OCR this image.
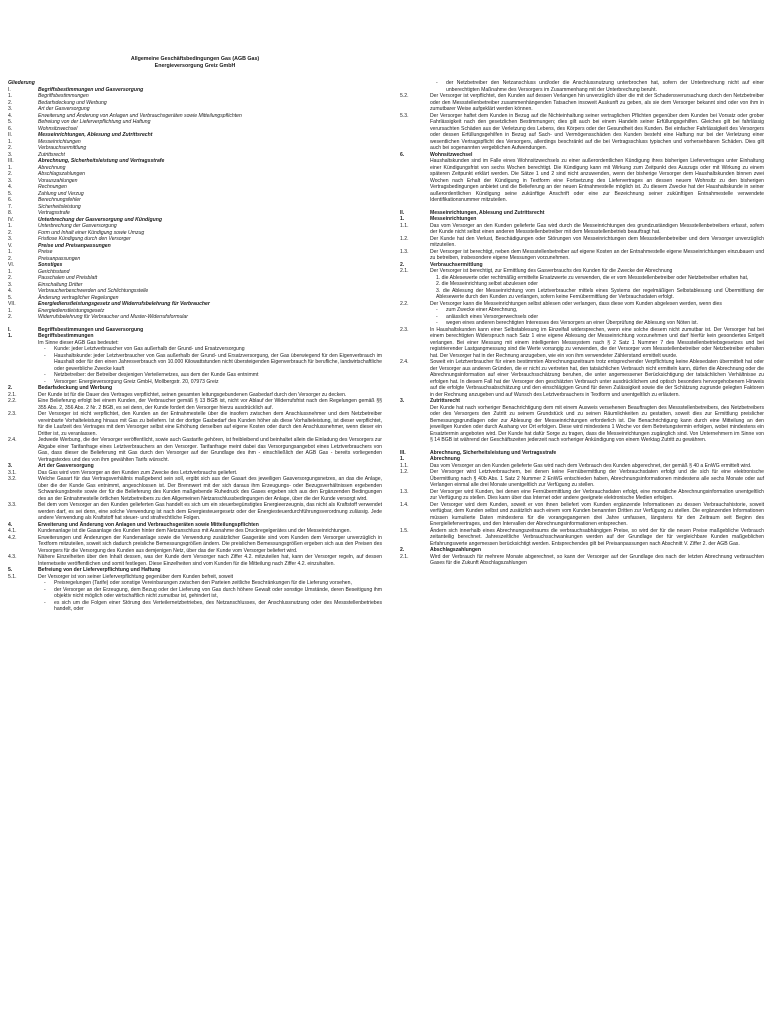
Allgemeine Geschäftsbedingungen Gas (AGB Gas)
Energieversorgung Greiz GmbH
Gliederung
I.	Begriffsbestimmungen und Gasversorgung
1.	Begriffsbestimmungen
2.	Bedarfsdeckung und Werbung
3.	Art der Gasversorgung
4.	Erweiterung und Änderung von Anlagen und Verbrauchsgeräten sowie Mitteilungspflichten
5.	Befreiung von der Lieferverpflichtung und Haftung
6.	Wohnsitzwechsel
II.	Messeinrichtungen, Ablesung und Zutrittsrecht
1.	Messeinrichtungen
2.	Verbrauchsermittlung
3.	Zutrittsrecht
III.	Abrechnung, Sicherheitsleistung und Vertragsstrafe
1.	Abrechnung
2.	Abschlagszahlungen
3.	Vorauszahlungen
4.	Rechnungen
5.	Zahlung und Verzug
6.	Berechnungsfehler
7.	Sicherheitsleistung
8.	Vertragsstrafe
IV.	Unterbrechung der Gasversorgung und Kündigung
1.	Unterbrechung der Gasversorgung
2.	Form und Inhalt einer Kündigung sowie Umzug
3.	Fristlose Kündigung durch den Versorger
V.	Preise und Preisanpassungen
1.	Preise
2.	Preisanpassungen
VI.	Sonstiges
1.	Gerichtsstand
2.	Pauschalen und Preisblatt
3.	Einschaltung Dritter
4.	Verbraucherbeschwerden und Schlichtungsstelle
5.	Änderung vertraglicher Regelungen
VII.	Energiedienstleistungsgesetz und Widerrufsbelehrung für Verbraucher
1.	Energiedienstleistungsgesetz
2.	Widerrufsbelehrung für Verbraucher und Muster-Widerrufsformular
I.	Begriffsbestimmungen und Gasversorgung
1.	Begriffsbestimmungen
Im Sinne dieser AGB Gas bedeutet:
-	Kunde: jeder Letztverbraucher von Gas außerhalb der Grund- und Ersatzversorgung

-	Haushaltskunde: jeder Letztverbraucher von Gas außerhalb der Grund- und Ersatzversorgung, der Gas überwiegend für den Eigenverbrauch im Haushalt oder für den einen Jahresverbrauch von 10.000 Kilowattstunden nicht übersteigenden Eigenverbrauch für berufliche, landwirtschaftliche oder gewerbliche Zwecke kauft

-	Netzbetreiber: der Betreiber desjenigen Verteilernetzes, aus dem der Kunde Gas entnimmt

-	Versorger: Energieversorgung Greiz GmbH, Mollbergstr. 20, 07973 Greiz

2.	Bedarfsdeckung und Werbung
2.1.	Der Kunde ist für die Dauer des Vertrages verpflichtet, seinen gesamten leitungsgebundenen Gasbedarf durch den Versorger zu decken.

2.2.	Eine Belieferung erfolgt bei einem Kunden, der Verbraucher gemäß § 13 BGB ist, nicht vor Ablauf der Widerrufsfrist nach den Regelungen gemäß §§ 355 Abs. 2, 356 Abs. 2 Nr. 2 BGB, es sei denn, der Kunde fordert den Versorger hierzu ausdrücklich auf.

2.3.	Der Versorger ist nicht verpflichtet, den Kunden an der Entnahmestelle über die insofern zwischen dem Anschlussnehmer und dem Netzbetreiber vereinbarte Vorhalteleistung hinaus mit Gas zu beliefern. Ist der dortige Gasbedarf des Kunden höher als diese Vorhalteleistung, ist dieser verpflichtet, für die Laufzeit des Vertrages mit dem Versorger selbst eine Erhöhung derselben auf eigene Kosten oder durch den Anschlussnehmer, wenn dieser ein Dritter ist, zu veranlassen.

2.4.	Jedwede Werbung, die der Versorger veröffentlicht, sowie auch Gastarife gehören, ist freibleibend und beinhaltet allein die Einladung des Versorgers zur Abgabe einer Tarifanfrage eines Letztverbrauchers an den Versorger. Tarifanfrage meint dabei das Versorgungsangebot eines Letztverbrauchers von Gas, dass dieser die Belieferung mit Gas durch den Versorger auf der Grundlage des ihm - einschließlich der AGB Gas - bereits vorliegenden Vertragstextes und des von ihm gewählten Tarifs wünscht.

3.	Art der Gasversorgung
3.1.	Das Gas wird vom Versorger an den Kunden zum Zwecke des Letztverbrauchs geliefert.

3.2.	Welche Gasart für das Vertragsverhältnis maßgebend sein soll, ergibt sich aus der Gasart des jeweiligen Gasversorgungsnetzes, an das die Anlage, über die der Kunde Gas entnimmt, angeschlossen ist. Der Brennwert mit der sich daraus ihm Erzeugungs- oder Bezugsverhältnissen ergebenden Schwankungsbreite sowie der für die Belieferung des Kunden maßgebende Ruhedruck des Gases ergeben sich aus den Ergänzenden Bedingungen des an der Entnahmestelle örtlichen Netzbetreibers zu den Allgemeinen Netzanschlussbedingungen der Anlage, über die der Kunde versorgt wird.

3.3.	Bei dem vom Versorger an den Kunden gelieferten Gas handelt es sich um ein steuerbegünstigtes Energieerzeugnis, das nicht als Kraftstoff verwendet werden darf, es sei denn, eine solche Verwendung ist nach dem Energiesteuergesetz oder der Energiesteuerdurchführungsverordnung zulässig. Jede andere Verwendung als Kraftstoff hat steuer- und strafrechtliche Folgen.

4.	Erweiterung und Änderung von Anlagen und Verbrauchsgeräten sowie Mitteilungspflichten
4.1.	Kundenanlage ist die Gasanlage des Kunden hinter dem Netzanschluss mit Ausnahme des Druckregelgerätes und der Messeinrichtungen.

4.2.	Erweiterungen und Änderungen der Kundenanlage sowie die Verwendung zusätzlicher Gasgeräte sind vom Kunden dem Versorger unverzüglich in Textform mitzuteilen, soweit sich dadurch preisliche Bemessungsgrößen ändern. Die preislichen Bemessungsgrößen ergeben sich aus den Preisen des Versorgers für die Versorgung des Kunden aus demjenigen Netz, über das der Kunde vom Versorger beliefert wird.

4.3.	Nähere Einzelheiten über den Inhalt dessen, was der Kunde dem Versorger nach Ziffer 4.2. mitzuteilen hat, kann der Versorger regeln, auf dessen Internetseite veröffentlichen und somit festlegen. Diese Einzelheiten sind vom Kunden für die Mitteilung nach Ziffer 4.2. einzuhalten.

5.	Befreiung von der Lieferverpflichtung und Haftung
5.1.	Der Versorger ist von seiner Lieferverpflichtung gegenüber dem Kunden befreit, soweit

-	Preisregelungen (Tarife) oder sonstige Vereinbarungen zwischen den Parteien zeitliche Beschränkungen für die Lieferung vorsehen,

-	der Versorger an der Erzeugung, dem Bezug oder der Lieferung von Gas durch höhere Gewalt oder sonstige Umstände, deren Beseitigung ihm objektiv nicht möglich oder wirtschaftlich nicht zumutbar ist, gehindert ist,

-	es sich um die Folgen einer Störung des Verteilernetzbetriebes, des Netzanschlusses, der Anschlussnutzung oder des Messstellenbetriebes handelt, oder

-	der Netzbetreiber den Netzanschluss und/oder die Anschlussnutzung unterbrochen hat, sofern der Unterbrechung nicht auf einer unberechtigten Maßnahme des Versorgers im Zusammenhang mit der Unterbrechung beruht.

5.2.	Der Versorger ist verpflichtet, den Kunden auf dessen Verlangen hin unverzüglich über die mit der Schadensverursachung durch den Netzbetreiber oder den Messstellenbetreiber zusammenhängenden Tatsachen insoweit Auskunft zu geben, als sie dem Versorger bekannt sind oder von ihm in zumutbarer Weise aufgeklärt werden können.

5.3.	Der Versorger haftet dem Kunden in Bezug auf die Nichteinhaltung seiner vertraglichen Pflichten gegenüber dem Kunden bei Vorsatz oder grober Fahrlässigkeit nach den gesetzlichen Bestimmungen; dies gilt auch bei einem Handeln seiner Erfüllungsgehilfen. Gleiches gilt bei fahrlässig verursachten Schäden aus der Verletzung des Lebens, des Körpers oder der Gesundheit des Kunden. Bei einfacher Fahrlässigkeit des Versorgers oder dessen Erfüllungsgehilfen in Bezug auf Sach- und Vermögensschäden des Kunden besteht eine Haftung nur bei der Verletzung einer wesentlichen Vertragspflicht des Versorgers, allerdings beschränkt auf die bei Vertragsschluss typischen und vorhersehbaren Schäden. Dies gilt auch bei sogenannten vergeblichen Aufwendungen.

6.	Wohnsitzwechsel

Haushaltskunden sind im Falle eines Wohnsitzwechsels zu einer außerordentlichen Kündigung ihres bisherigen Liefervertrages unter Einhaltung einer Kündigungsfrist von sechs Wochen berechtigt. Die Kündigung kann mit Wirkung zum Zeitpunkt des Auszugs oder mit Wirkung zu einem späteren Zeitpunkt erklärt werden. Die Sätze 1 und 2 sind nicht anzuwenden, wenn der bisherige Versorger dem Haushaltskunden binnen zwei Wochen nach Erhalt der Kündigung in Textform eine Fortsetzung des Liefervertrages an dessen neuem Wohnsitz zu den bisherigen Vertragsbedingungen anbietet und die Belieferung an der neuen Entnahmestelle möglich ist. Zu diesem Zwecke hat der Haushaltskunde in seiner außerordentlichen Kündigung seine zukünftige Anschrift oder eine zur Bezeichnung seiner zukünftigen Entnahmestelle verwendete Identifikationsnummer mitzuteilen.

II.	Messeinrichtungen, Ablesung und Zutrittsrecht
1.	Messeinrichtungen
1.1.	Das vom Versorger an den Kunden gelieferte Gas wird durch die Messeinrichtungen des grundzuständigen Messstellenbetreibers erfasst, sofern der Kunde nicht selbst einen anderen Messstellenbetreiber mit dem Messstellenbetrieb beauftragt hat.

1.2.	Der Kunde hat den Verlust, Beschädigungen oder Störungen von Messeinrichtungen dem Messstellenbetreiber und dem Versorger unverzüglich mitzuteilen.

1.3.	Der Versorger ist berechtigt, neben dem Messstellenbetreiber auf eigene Kosten an der Entnahmestelle eigene Messeinrichtungen einzubauen und zu betreiben, insbesondere eigene Messungen vorzunehmen.

2.	Verbrauchsermittlung
2.1.	Der Versorger ist berechtigt, zur Ermittlung des Gasverbrauchs des Kunden für die Zwecke der Abrechnung

1. die Ablesewerte oder rechtmäßig ermittelte Ersatzwerte zu verwenden, die er vom Messstellenbetreiber oder Netzbetreiber erhalten hat,

2. die Messeinrichtung selbst abzulesen oder

3. die Ablesung der Messeinrichtung vom Letztverbraucher mittels eines Systems der regelmäßigen Selbstablesung und Übermittlung der Ablesewerte durch den Kunden zu verlangen, sofern keine Fernübermittlung der Verbrauchsdaten erfolgt.

2.2.	Der Versorger kann die Messeinrichtungen selbst ablesen oder verlangen, dass diese vom Kunden abgelesen werden, wenn dies

-	zum Zwecke einer Abrechnung,

-	anlässlich eines Versorgerwechsels oder

-	wegen eines anderen berechtigten Interesses des Versorgers an einer Überprüfung der Ablesung von Nöten ist.

2.3.	In Haushaltskunden kann einer Selbstablesung im Einzelfall widersprechen, wenn eine solche diesem nicht zumutbar ist. Der Versorger hat bei einem berechtigten Widerspruch nach Satz 1 eine eigene Ablesung der Messeinrichtung vorzunehmen und darf hierfür kein gesondertes Entgelt verlangen. Bei einer Messung mit einem intelligenten Messsystem nach § 2 Satz 1 Nummer 7 des Messstellenbetriebsgesetzes und bei registrierender Lastgangmessung sind die Werte vorrangig zu verwenden, die der Versorger vom Messstellenbetreiber oder Netzbetreiber erhalten hat. Der Versorger hat in der Rechnung anzugeben, wie ein von ihm verwendeter Zählerstand ermittelt wurde.

2.4.	Soweit ein Letztverbraucher für einen bestimmten Abrechnungszeitraum trotz entsprechender Verpflichtung keine Ablesedaten übermittelt hat oder der Versorger aus anderen Gründen, die er nicht zu vertreten hat, den tatsächlichen Verbrauch nicht ermitteln kann, dürfen die Abrechnung oder die Abrechnungsinformation auf einer Verbrauchsschätzung beruhen, die unter angemessener Berücksichtigung der tatsächlichen Verhältnisse zu erfolgen hat. In diesem Fall hat der Versorger den geschätzten Verbrauch unter ausdrücklichem und optisch besonders hervorgehobenem Hinweis auf die erfolgte Verbrauchsabschätzung und den einschlägigen Grund für deren Zulässigkeit sowie die der Schätzung zugrunde gelegten Faktoren in der Rechnung anzugeben und auf Wunsch des Letztverbrauchers in Textform und unentgeltlich zu erläutern.

3.	Zutrittsrecht

Der Kunde hat nach vorheriger Benachrichtigung dem mit einem Ausweis versehenen Beauftragten des Messstellenbetreibers, des Netzbetreibers oder des Versorgers den Zutritt zu seinem Grundstück und zu seinen Räumlichkeiten zu gestatten, soweit dies zur Ermittlung preislicher Bemessungsgrundlagen oder zur Ablesung der Messeinrichtungen erforderlich ist. Die Benachrichtigung kann durch eine Mitteilung an den jeweiligen Kunden oder durch Aushang vor Ort erfolgen. Diese wird mindestens 1 Woche vor dem Betretungstermin erfolgen, wobei mindestens ein Ersatztermin angeboten wird. Der Kunde hat dafür Sorge zu tragen, dass die Messeinrichtungen zugänglich sind. Von Unternehmern im Sinne von § 14 BGB ist während der Geschäftszeiten jederzeit nach vorheriger Ankündigung von einem Werktag Zutritt zu gewähren.

III.	Abrechnung, Sicherheitsleistung und Vertragsstrafe
1.	Abrechnung
1.1.	Das vom Versorger an den Kunden gelieferte Gas wird nach dem Verbrauch des Kunden abgerechnet, der gemäß § 40 a EnWG ermittelt wird.

1.2.	Der Versorger wird Letztverbrauchern, bei denen keine Fernübermittlung der Verbrauchsdaten erfolgt und die sich für eine elektronische Übermittlung nach § 40b Abs. 1 Satz 2 Nummer 2 EnWG entschieden haben, Abrechnungsinformationen mindestens alle sechs Monate oder auf Verlangen einmal alle drei Monate unentgeltlich zur Verfügung zu stellen.

1.3.	Der Versorger wird Kunden, bei denen eine Fernübermittlung der Verbrauchsdaten erfolgt, eine monatliche Abrechnungsinformation unentgeltlich zur Verfügung zu stellen. Dies kann über das Internet oder andere geeignete elektronische Medien erfolgen.

1.4.	Der Versorger wird dem Kunden, soweit er von ihnen beliefert vom Kunden ergänzende Informationen zu dessen Verbrauchshistorie, soweit verfügbar, dem Kunden selbst und zusätzlich auch einem vom Kunden benannten Dritten zur Verfügung zu stellen. Die ergänzenden Informationen müssen kumulierte Daten mindestens für die vorangegangenen drei Jahre umfassen, längstens für den Zeitraum seit Beginn des Energieliefervertrages, und den Intervallen der Abrechnungsinformationen entsprechen.

1.5.	Ändern sich innerhalb eines Abrechnungszeitraums die verbrauchsabhängigen Preise, so wird der für die neuen Preise maßgebliche Verbrauch zeitanteilig berechnet. Jahreszeitliche Verbrauchsschwankungen werden auf der Grundlage der für vergleichbare Kunden maßgeblichen Erfahrungswerte angemessen berücksichtigt werden. Entsprechendes gilt bei Preisanpassungen nach Abschnitt V. Ziffer 2. der AGB Gas.

2.	Abschlagszahlungen
2.1.	Wird der Verbrauch für mehrere Monate abgerechnet, so kann der Versorger auf der Grundlage des nach der letzten Abrechnung verbrauchten Gases für die Zukunft Abschlagszahlungen
